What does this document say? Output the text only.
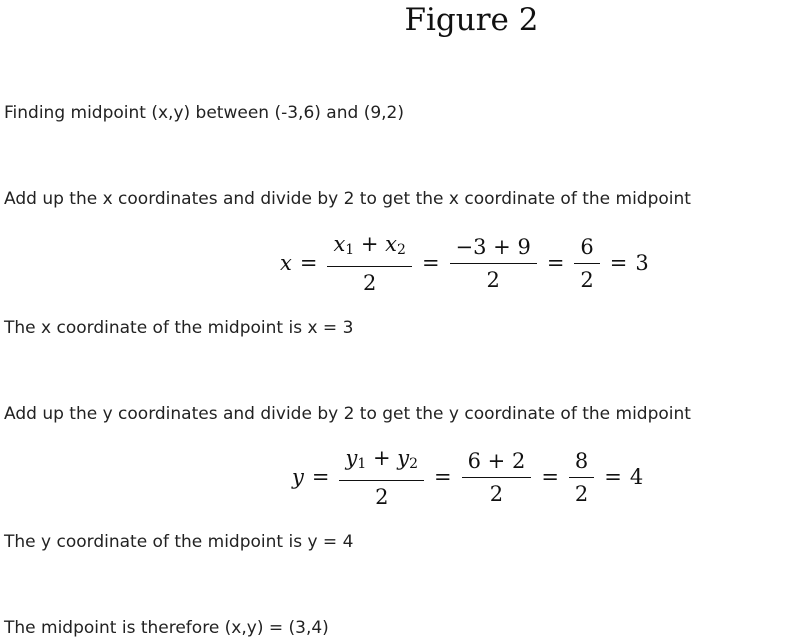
Figure 2
Finding midpoint (x,y) between (-3,6) and (9,2)
Add up the x coordinates and divide by 2 to get the x coordinate of the midpoint
$x = \frac{x_1 + x_2}{2} = \frac{-3 + 9}{2} = \frac{6}{2} = 3$
The x coordinate of the midpoint is x = 3
Add up the y coordinates and divide by 2 to get the y coordinate of the midpoint
$y = \frac{y_1 + y_2}{2} = \frac{6 + 2}{2} = \frac{8}{2} = 4$
The y coordinate of the midpoint is y = 4
The midpoint is therefore (x,y) = (3,4)
